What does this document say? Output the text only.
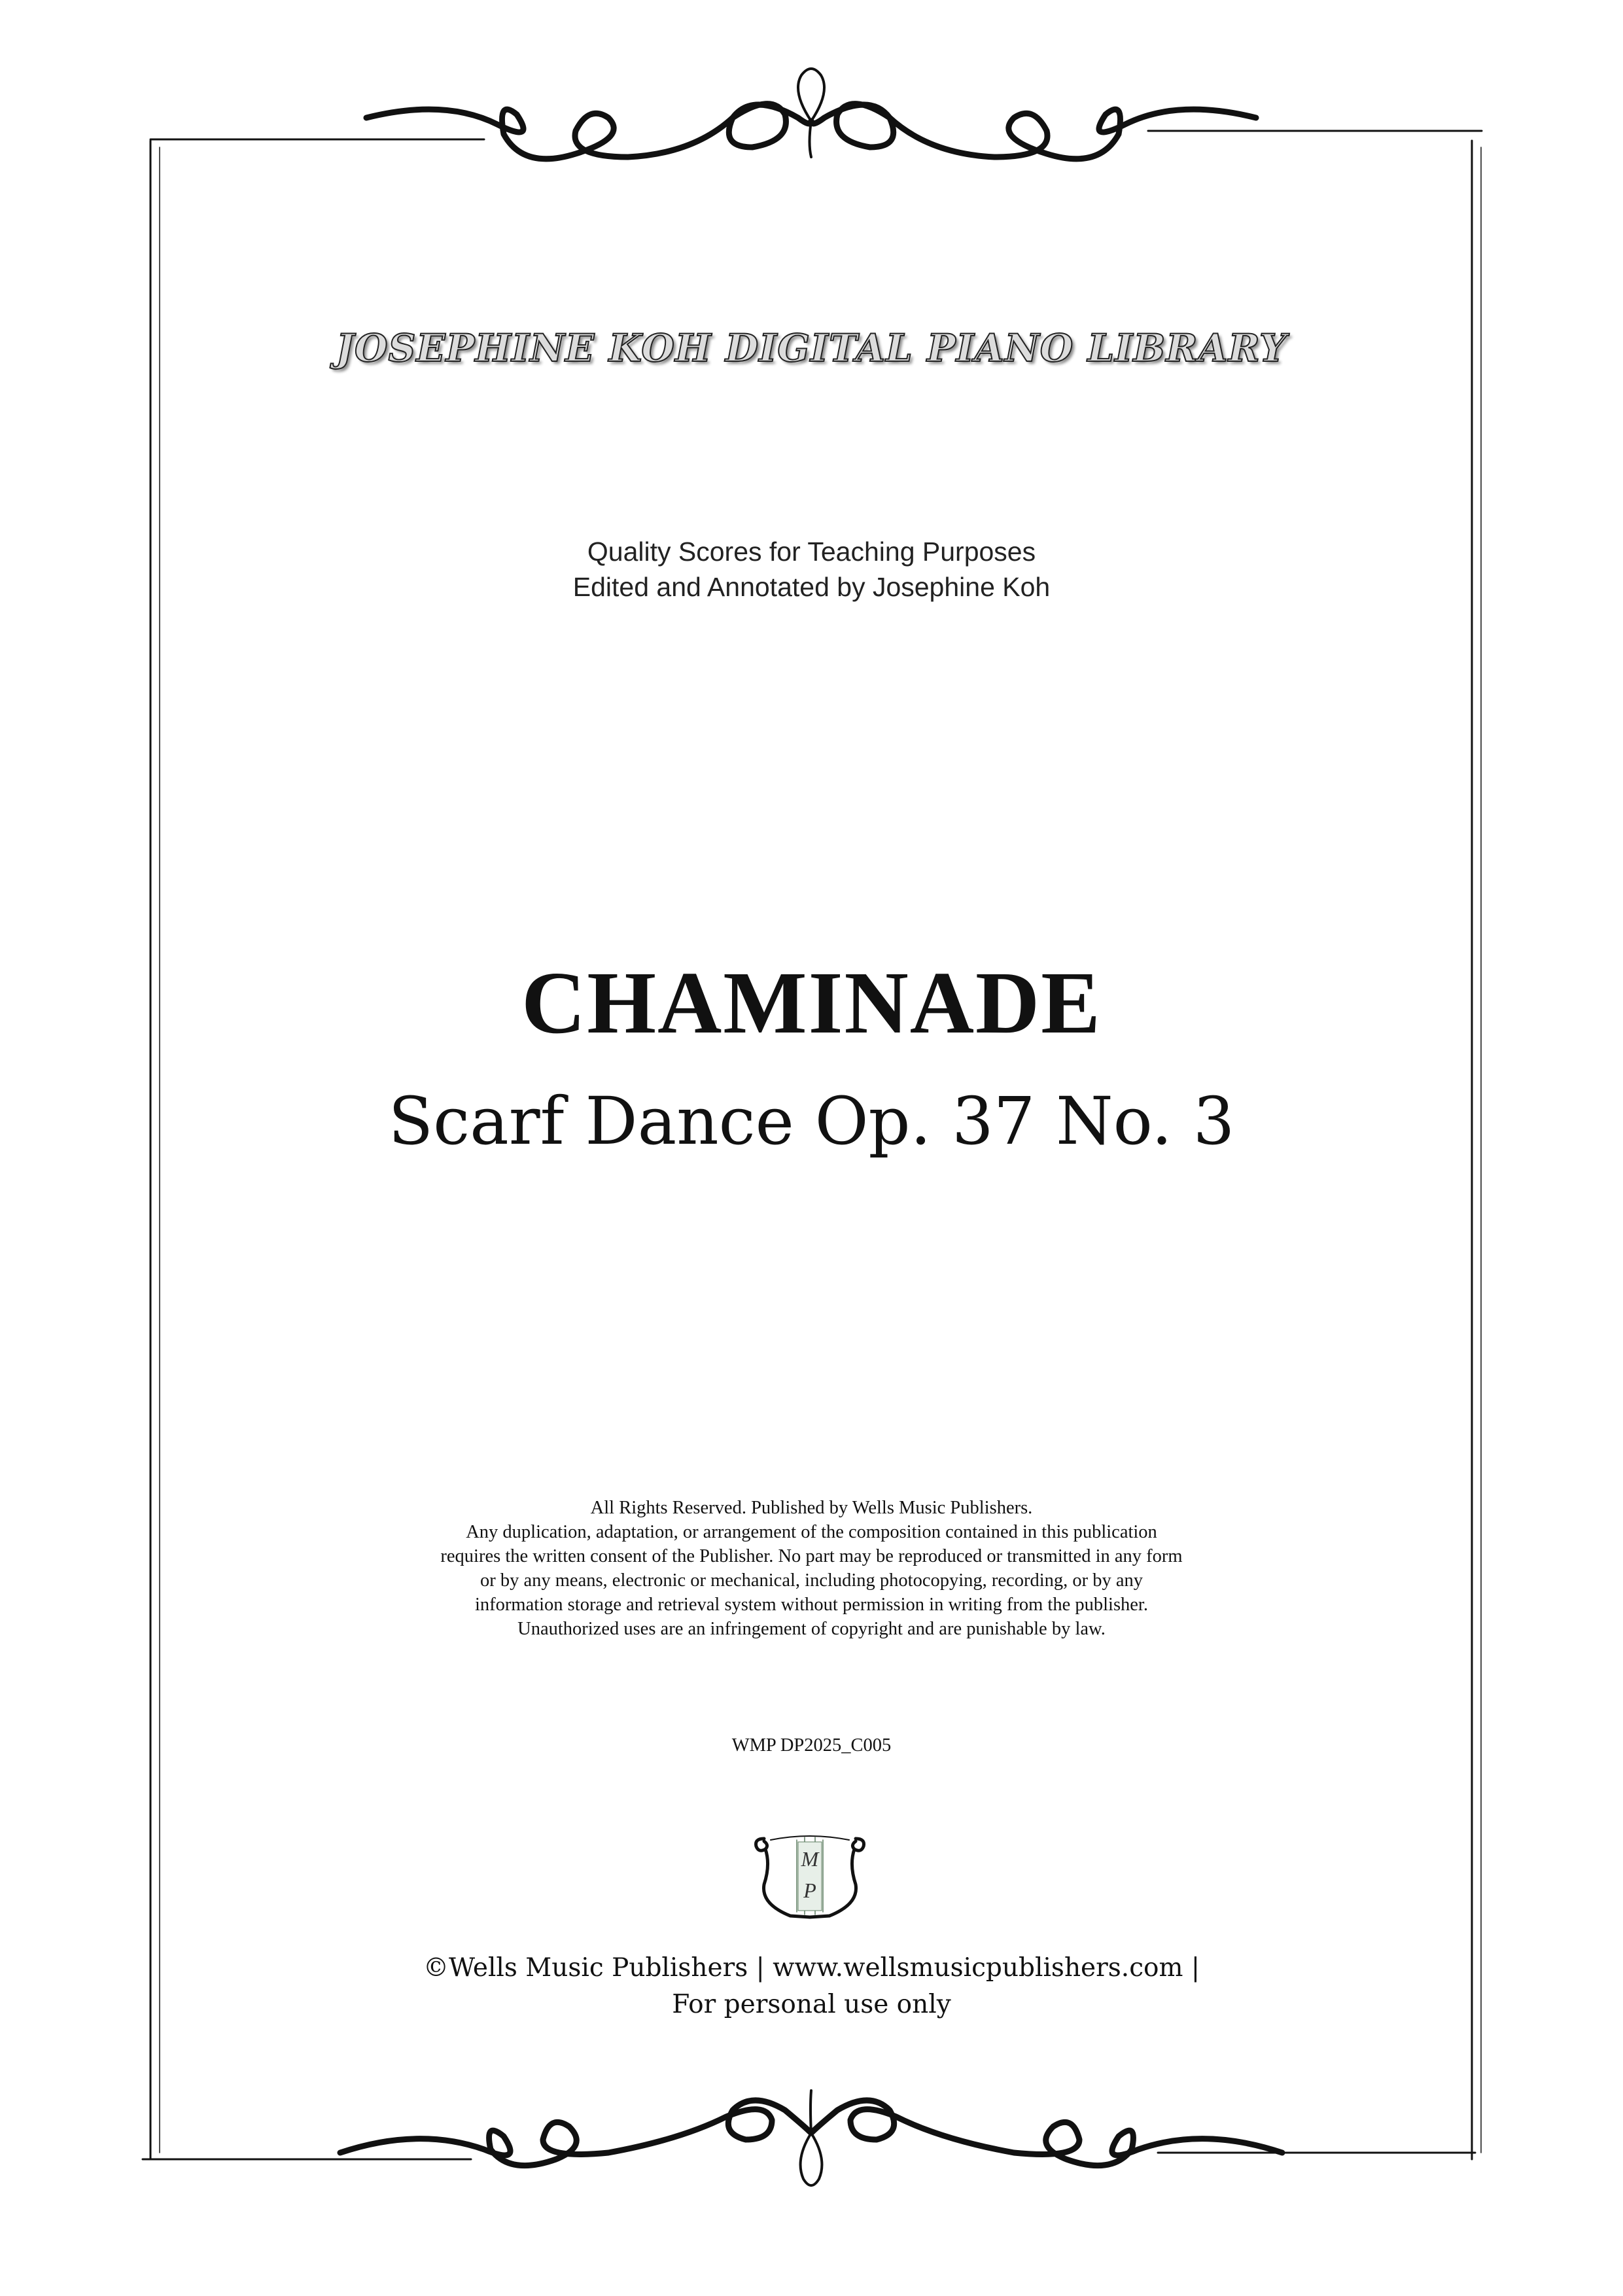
JOSEPHINE KOH DIGITAL PIANO LIBRARY
Quality Scores for Teaching Purposes
Edited and Annotated by Josephine Koh
CHAMINADE
Scarf Dance Op. 37 No. 3
All Rights Reserved. Published by Wells Music Publishers.
Any duplication, adaptation, or arrangement of the composition contained in this publication
requires the written consent of the Publisher. No part may be reproduced or transmitted in any form
or by any means, electronic or mechanical, including photocopying, recording, or by any
information storage and retrieval system without permission in writing from the publisher.
Unauthorized uses are an infringement of copyright and are punishable by law.
WMP DP2025_C005
M
P
©Wells Music Publishers | www.wellsmusicpublishers.com |
For personal use only
